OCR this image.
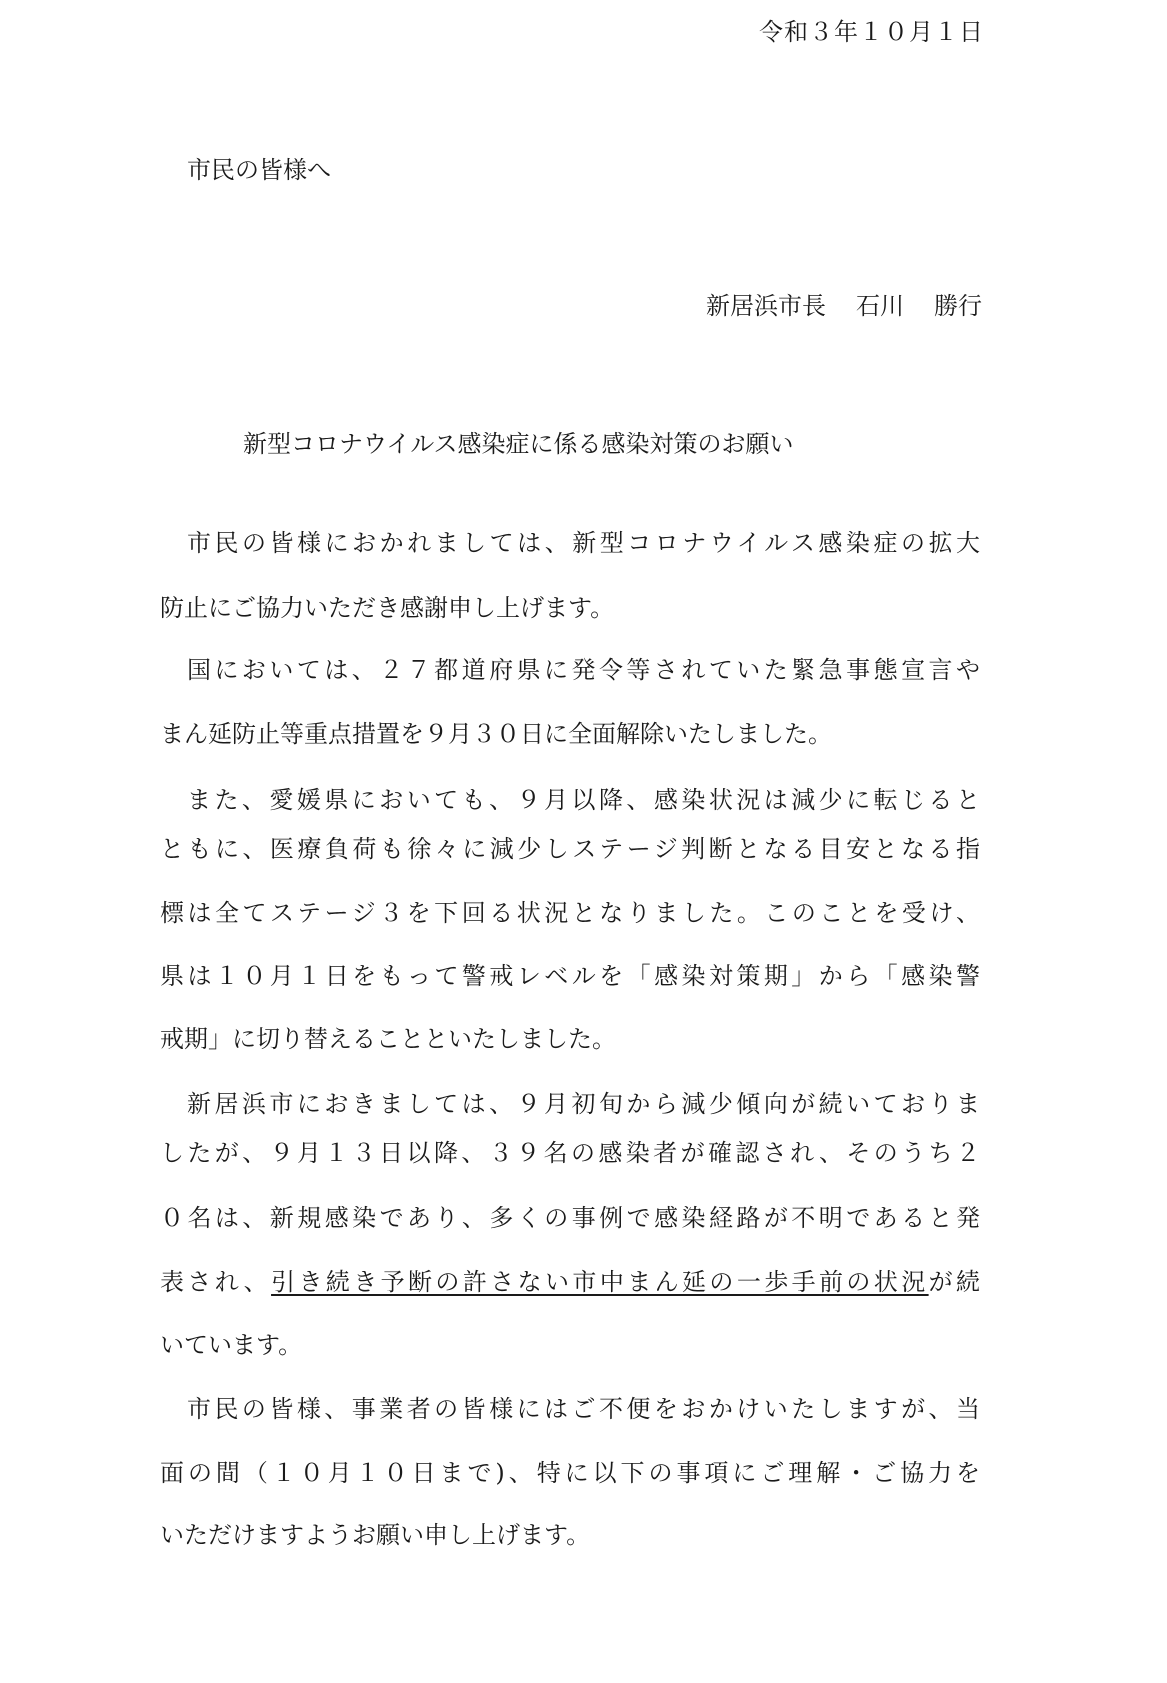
令和３年１０月１日
市民の皆様へ
新居浜市長 石川 勝行
新型コロナウイルス感染症に係る感染対策のお願い
市民の皆様におかれましては、新型コロナウイルス感染症の拡大
防止にご協力いただき感謝申し上げます。
国においては、２７都道府県に発令等されていた緊急事態宣言や
まん延防止等重点措置を９月３０日に全面解除いたしました。
また、愛媛県においても、９月以降、感染状況は減少に転じると
ともに、医療負荷も徐々に減少しステージ判断となる目安となる指
標は全てステージ３を下回る状況となりました。このことを受け、
県は１０月１日をもって警戒レベルを「感染対策期」から「感染警
戒期」に切り替えることといたしました。
新居浜市におきましては、９月初旬から減少傾向が続いておりま
したが、９月１３日以降、３９名の感染者が確認され、そのうち２
０名は、新規感染であり、多くの事例で感染経路が不明であると発
表され、引き続き予断の許さない市中まん延の一歩手前の状況が続
いています。
市民の皆様、事業者の皆様にはご不便をおかけいたしますが、当
面の間（１０月１０日まで)、特に以下の事項にご理解・ご協力を
いただけますようお願い申し上げます。
